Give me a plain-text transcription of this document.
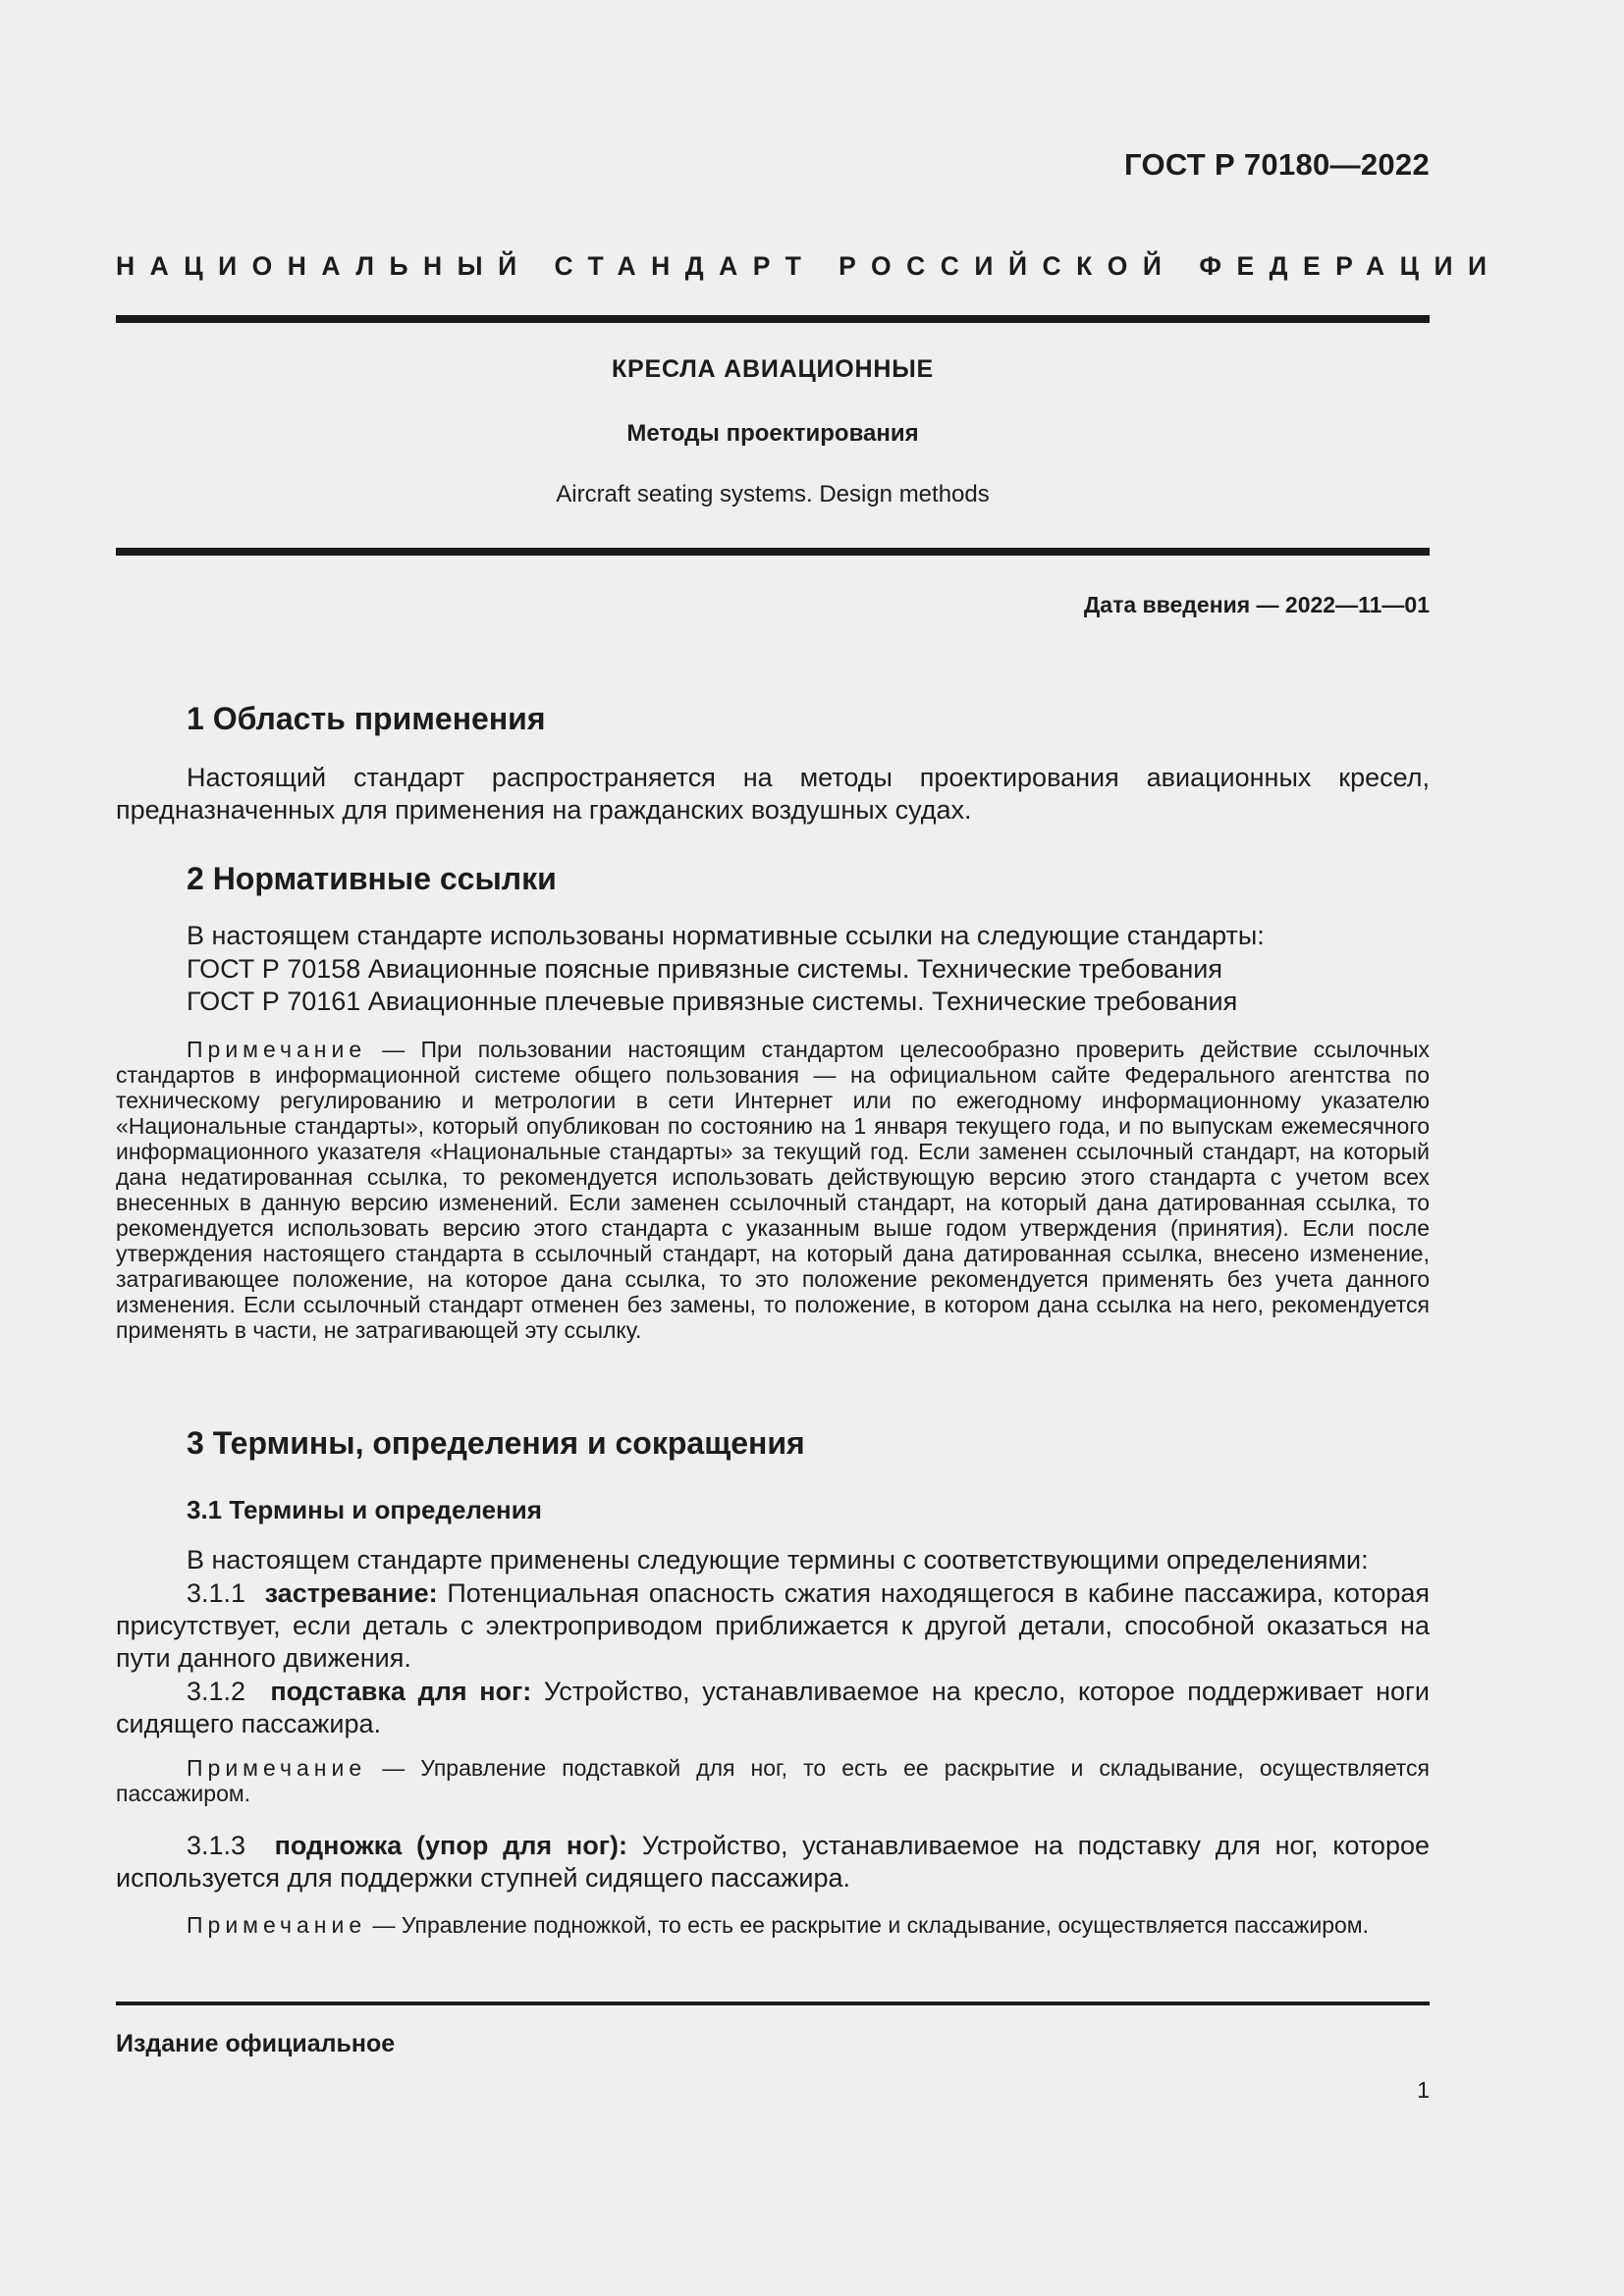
ГОСТ Р 70180—2022
НАЦИОНАЛЬНЫЙ СТАНДАРТ РОССИЙСКОЙ ФЕДЕРАЦИИ
КРЕСЛА АВИАЦИОННЫЕ
Методы проектирования
Aircraft seating systems. Design methods
Дата введения — 2022—11—01
1 Область применения
Настоящий стандарт распространяется на методы проектирования авиационных кресел, предназначенных для применения на гражданских воздушных судах.
2 Нормативные ссылки
В настоящем стандарте использованы нормативные ссылки на следующие стандарты:
ГОСТ Р 70158 Авиационные поясные привязные системы. Технические требования
ГОСТ Р 70161 Авиационные плечевые привязные системы. Технические требования
Примечание — При пользовании настоящим стандартом целесообразно проверить действие ссылочных стандартов в информационной системе общего пользования — на официальном сайте Федерального агентства по техническому регулированию и метрологии в сети Интернет или по ежегодному информационному указателю «Национальные стандарты», который опубликован по состоянию на 1 января текущего года, и по выпускам ежемесячного информационного указателя «Национальные стандарты» за текущий год. Если заменен ссылочный стандарт, на который дана недатированная ссылка, то рекомендуется использовать действующую версию этого стандарта с учетом всех внесенных в данную версию изменений. Если заменен ссылочный стандарт, на который дана датированная ссылка, то рекомендуется использовать версию этого стандарта с указанным выше годом утверждения (принятия). Если после утверждения настоящего стандарта в ссылочный стандарт, на который дана датированная ссылка, внесено изменение, затрагивающее положение, на которое дана ссылка, то это положение рекомендуется применять без учета данного изменения. Если ссылочный стандарт отменен без замены, то положение, в котором дана ссылка на него, рекомендуется применять в части, не затрагивающей эту ссылку.
3 Термины, определения и сокращения
3.1 Термины и определения
В настоящем стандарте применены следующие термины с соответствующими определениями:
3.1.1 застревание: Потенциальная опасность сжатия находящегося в кабине пассажира, которая присутствует, если деталь с электроприводом приближается к другой детали, способной оказаться на пути данного движения.
3.1.2 подставка для ног: Устройство, устанавливаемое на кресло, которое поддерживает ноги сидящего пассажира.
Примечание — Управление подставкой для ног, то есть ее раскрытие и складывание, осуществляется пассажиром.
3.1.3 подножка (упор для ног): Устройство, устанавливаемое на подставку для ног, которое используется для поддержки ступней сидящего пассажира.
Примечание — Управление подножкой, то есть ее раскрытие и складывание, осуществляется пассажиром.
Издание официальное
1
